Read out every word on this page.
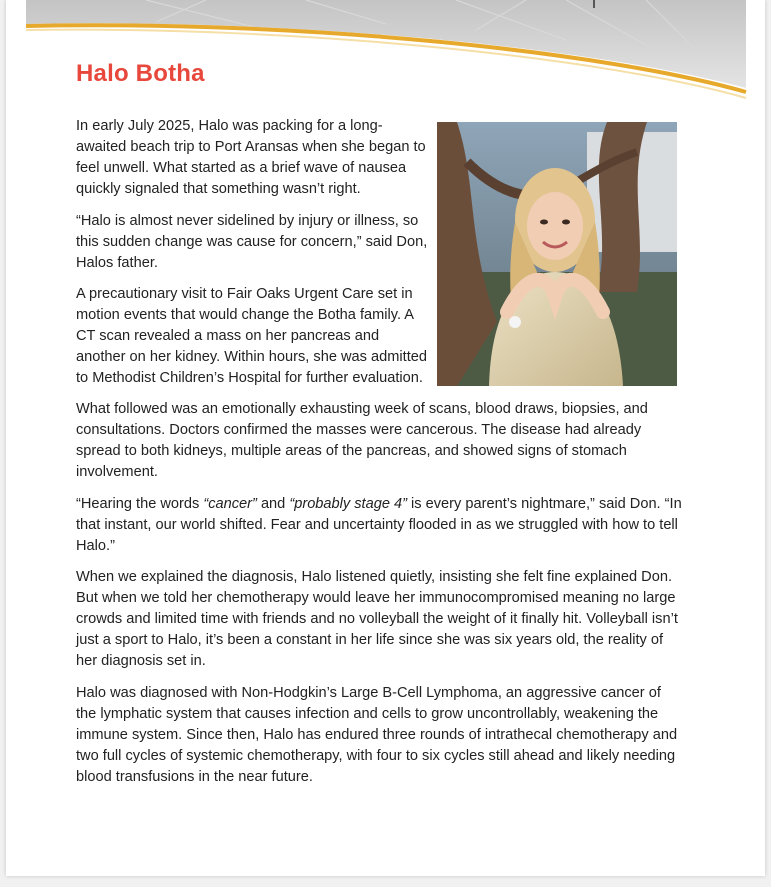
Halo Botha

In early July 2025, Halo was packing for a long-awaited beach trip to Port Aransas when she began to feel unwell. What started as a brief wave of nausea quickly signaled that something wasn’t right.

“Halo is almost never sidelined by injury or illness, so this sudden change was cause for concern,” said Don, Halos father.

A precautionary visit to Fair Oaks Urgent Care set in motion events that would change the Botha family. A CT scan revealed a mass on her pancreas and another on her kidney. Within hours, she was admitted to Methodist Children’s Hospital for further evaluation.

What followed was an emotionally exhausting week of scans, blood draws, biopsies, and consultations. Doctors confirmed the masses were cancerous. The disease had already spread to both kidneys, multiple areas of the pancreas, and showed signs of stomach involvement.

“Hearing the words “cancer” and “probably stage 4” is every parent’s nightmare,” said Don. “In that instant, our world shifted. Fear and uncertainty flooded in as we struggled with how to tell Halo.”

When we explained the diagnosis, Halo listened quietly, insisting she felt fine explained Don. But when we told her chemotherapy would leave her immunocompromised meaning no large crowds and limited time with friends and no volleyball the weight of it finally hit. Volleyball isn’t just a sport to Halo, it’s been a constant in her life since she was six years old, the reality of her diagnosis set in.

Halo was diagnosed with Non-Hodgkin’s Large B-Cell Lymphoma, an aggressive cancer of the lymphatic system that causes infection and cells to grow uncontrollably, weakening the immune system. Since then, Halo has endured three rounds of intrathecal chemotherapy and two full cycles of systemic chemotherapy, with four to six cycles still ahead and likely needing blood transfusions in the near future.
